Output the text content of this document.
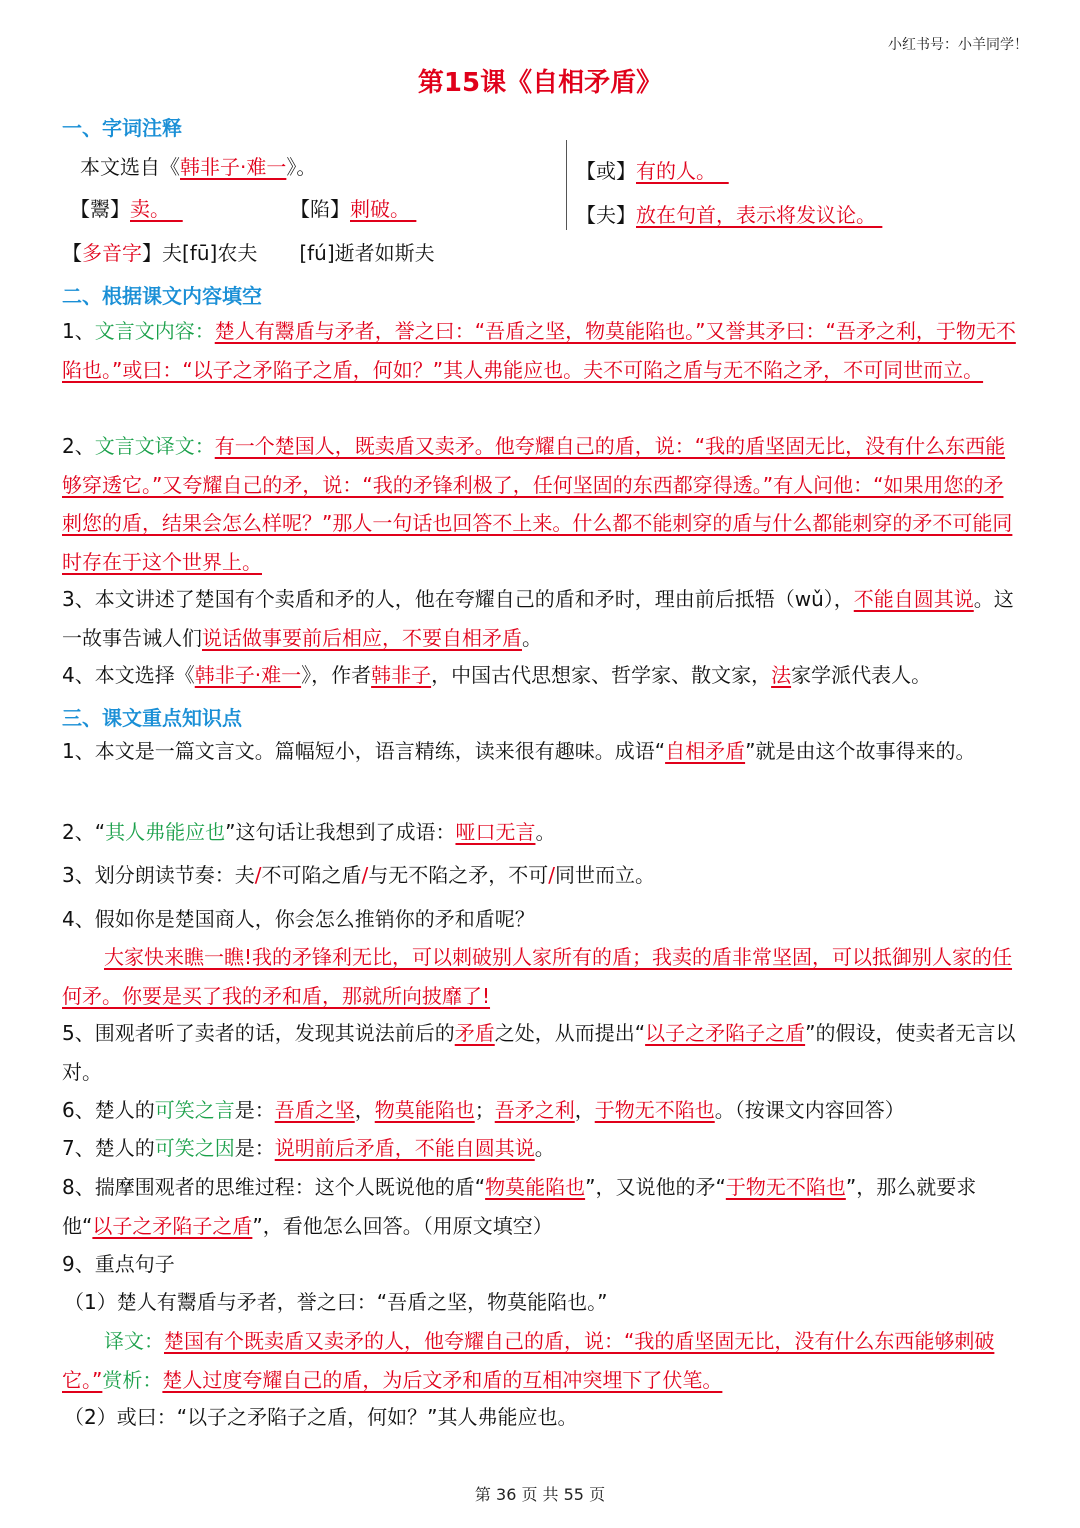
小红书号：小羊同学！
第15课《自相矛盾》
一、字词注释
本文选自《韩非子·难一》。
【鬻】卖。	【陷】刺破。
【或】有的人。
【夫】放在句首，表示将发议论。
【多音字】夫[fū]农夫 [fú]逝者如斯夫
二、根据课文内容填空
1、文言文内容：楚人有鬻盾与矛者，誉之曰：“吾盾之坚，物莫能陷也。”又誉其矛曰：“吾矛之利，于物无不陷也。”或曰：“以子之矛陷子之盾，何如？”其人弗能应也。夫不可陷之盾与无不陷之矛，不可同世而立。
2、文言文译文：有一个楚国人，既卖盾又卖矛。他夸耀自己的盾，说：“我的盾坚固无比，没有什么东西能够穿透它。”又夸耀自己的矛，说：“我的矛锋利极了，任何坚固的东西都穿得透。”有人问他：“如果用您的矛刺您的盾，结果会怎么样呢？”那人一句话也回答不上来。什么都不能刺穿的盾与什么都能刺穿的矛不可能同时存在于这个世界上。
3、本文讲述了楚国有个卖盾和矛的人，他在夸耀自己的盾和矛时，理由前后抵牾（wǔ），不能自圆其说。这一故事告诫人们说话做事要前后相应，不要自相矛盾。
4、本文选择《韩非子·难一》，作者韩非子，中国古代思想家、哲学家、散文家，法家学派代表人。
三、课文重点知识点
1、本文是一篇文言文。篇幅短小，语言精练，读来很有趣味。成语“自相矛盾”就是由这个故事得来的。
2、“其人弗能应也”这句话让我想到了成语：哑口无言。
3、划分朗读节奏：夫/不可陷之盾/与无不陷之矛，不可/同世而立。
4、假如你是楚国商人，你会怎么推销你的矛和盾呢？
大家快来瞧一瞧!我的矛锋利无比，可以刺破别人家所有的盾；我卖的盾非常坚固，可以抵御别人家的任何矛。你要是买了我的矛和盾，那就所向披靡了!
5、围观者听了卖者的话，发现其说法前后的矛盾之处，从而提出“以子之矛陷子之盾”的假设，使卖者无言以对。
6、楚人的可笑之言是：吾盾之坚，物莫能陷也；吾矛之利，于物无不陷也。（按课文内容回答）
7、楚人的可笑之因是：说明前后矛盾，不能自圆其说。
8、揣摩围观者的思维过程：这个人既说他的盾“物莫能陷也”，又说他的矛“于物无不陷也”，那么就要求他“以子之矛陷子之盾”，看他怎么回答。（用原文填空）
9、重点句子
（1）楚人有鬻盾与矛者，誉之曰：“吾盾之坚，物莫能陷也。”
译文：楚国有个既卖盾又卖矛的人，他夸耀自己的盾，说：“我的盾坚固无比，没有什么东西能够刺破它。”赏析：楚人过度夸耀自己的盾，为后文矛和盾的互相冲突埋下了伏笔。
（2）或曰：“以子之矛陷子之盾，何如？”其人弗能应也。
第 36 页 共 55 页
